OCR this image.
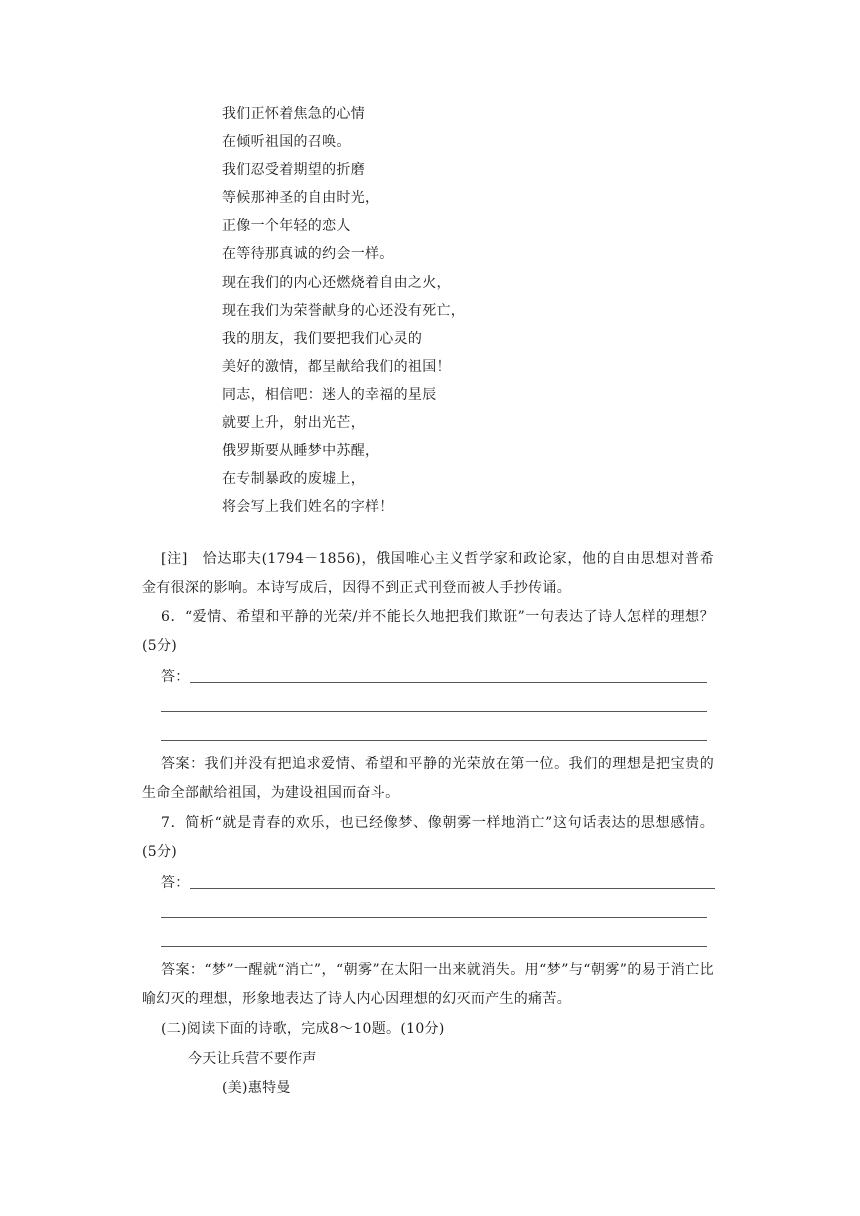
我们正怀着焦急的心情
在倾听祖国的召唤。
我们忍受着期望的折磨
等候那神圣的自由时光，
正像一个年轻的恋人
在等待那真诚的约会一样。
现在我们的内心还燃烧着自由之火，
现在我们为荣誉献身的心还没有死亡，
我的朋友，我们要把我们心灵的
美好的激情，都呈献给我们的祖国！
同志，相信吧：迷人的幸福的星辰
就要上升，射出光芒，
俄罗斯要从睡梦中苏醒，
在专制暴政的废墟上，
将会写上我们姓名的字样！

[注]　恰达耶夫(1794－1856)，俄国唯心主义哲学家和政论家，他的自由思想对普希金有很深的影响。本诗写成后，因得不到正式刊登而被人手抄传诵。

6．“爱情、希望和平静的光荣/并不能长久地把我们欺诳”一句表达了诗人怎样的理想？(5分)

答：

答案：我们并没有把追求爱情、希望和平静的光荣放在第一位。我们的理想是把宝贵的生命全部献给祖国，为建设祖国而奋斗。

7．简析“就是青春的欢乐，也已经像梦、像朝雾一样地消亡”这句话表达的思想感情。(5分)

答：

答案：“梦”一醒就“消亡”，“朝雾”在太阳一出来就消失。用“梦”与“朝雾”的易于消亡比喻幻灭的理想，形象地表达了诗人内心因理想的幻灭而产生的痛苦。

(二)阅读下面的诗歌，完成8～10题。(10分)

今天让兵营不要作声
(美)惠特曼
